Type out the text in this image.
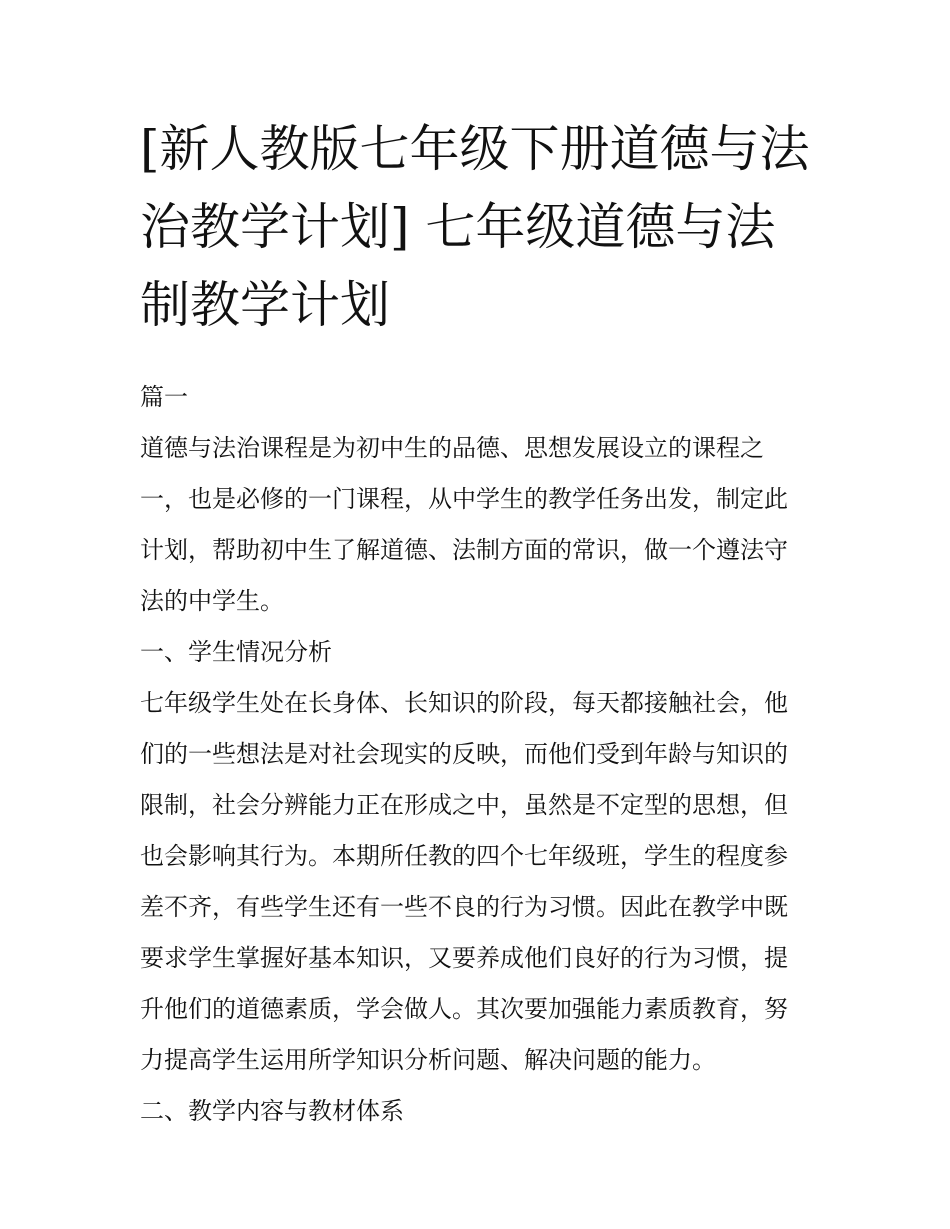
[新人教版七年级下册道德与法
治教学计划] 七年级道德与法
制教学计划
篇一
道德与法治课程是为初中生的品德、思想发展设立的课程之
一，也是必修的一门课程，从中学生的教学任务出发，制定此
计划，帮助初中生了解道德、法制方面的常识，做一个遵法守
法的中学生。
一、学生情况分析
七年级学生处在长身体、长知识的阶段，每天都接触社会，他
们的一些想法是对社会现实的反映，而他们受到年龄与知识的
限制，社会分辨能力正在形成之中，虽然是不定型的思想，但
也会影响其行为。本期所任教的四个七年级班，学生的程度参
差不齐，有些学生还有一些不良的行为习惯。因此在教学中既
要求学生掌握好基本知识，又要养成他们良好的行为习惯，提
升他们的道德素质，学会做人。其次要加强能力素质教育，努
力提高学生运用所学知识分析问题、解决问题的能力。
二、教学内容与教材体系
